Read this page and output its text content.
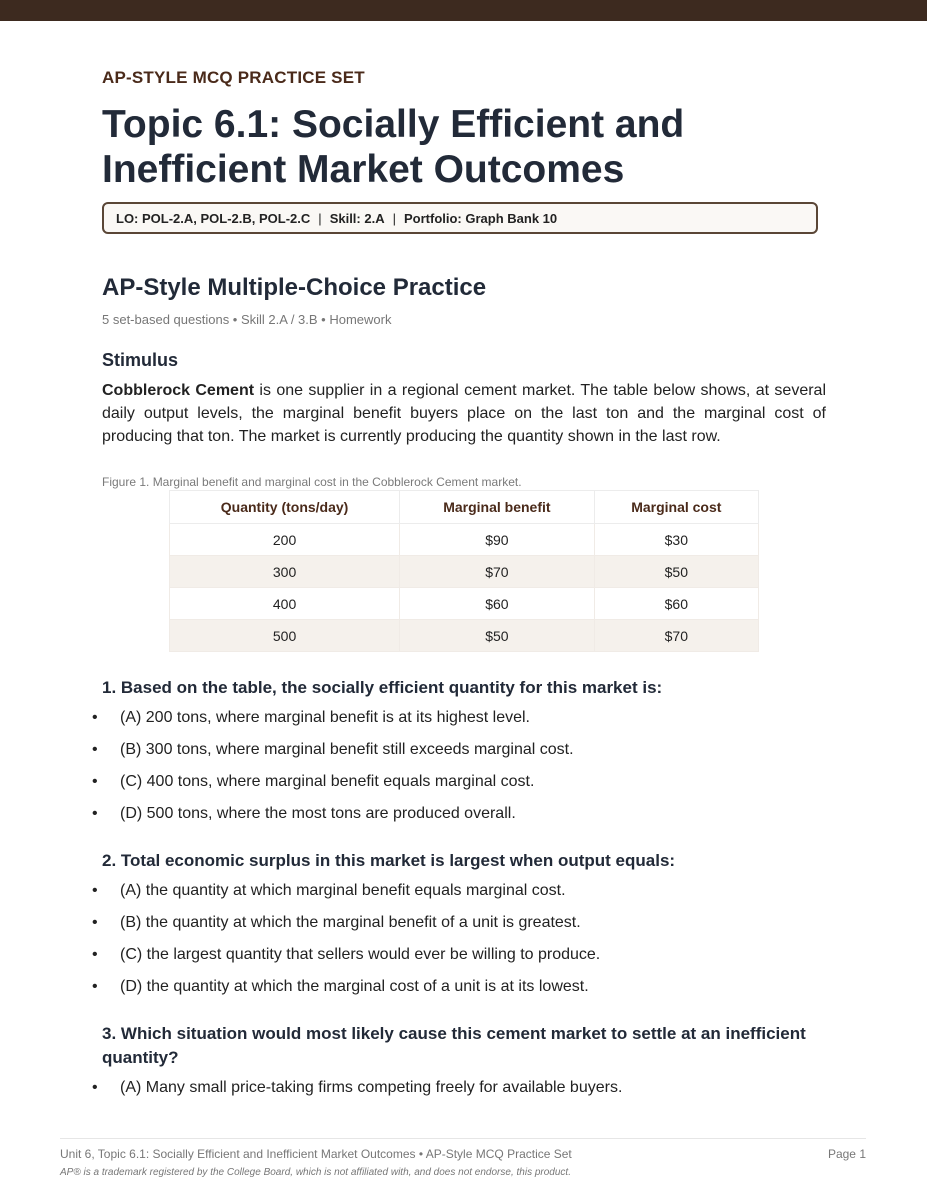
AP-STYLE MCQ PRACTICE SET
Topic 6.1: Socially Efficient and Inefficient Market Outcomes
LO: POL-2.A, POL-2.B, POL-2.C | Skill: 2.A | Portfolio: Graph Bank 10
AP-Style Multiple-Choice Practice
5 set-based questions • Skill 2.A / 3.B • Homework
Stimulus
Cobblerock Cement is one supplier in a regional cement market. The table below shows, at several daily output levels, the marginal benefit buyers place on the last ton and the marginal cost of producing that ton. The market is currently producing the quantity shown in the last row.
Figure 1. Marginal benefit and marginal cost in the Cobblerock Cement market.
Quantity (tons/day)	Marginal benefit	Marginal cost
200	$90	$30
300	$70	$50
400	$60	$60
500	$50	$70
1. Based on the table, the socially efficient quantity for this market is:
• (A) 200 tons, where marginal benefit is at its highest level.
• (B) 300 tons, where marginal benefit still exceeds marginal cost.
• (C) 400 tons, where marginal benefit equals marginal cost.
• (D) 500 tons, where the most tons are produced overall.
2. Total economic surplus in this market is largest when output equals:
• (A) the quantity at which marginal benefit equals marginal cost.
• (B) the quantity at which the marginal benefit of a unit is greatest.
• (C) the largest quantity that sellers would ever be willing to produce.
• (D) the quantity at which the marginal cost of a unit is at its lowest.
3. Which situation would most likely cause this cement market to settle at an inefficient quantity?
• (A) Many small price-taking firms competing freely for available buyers.
Unit 6, Topic 6.1: Socially Efficient and Inefficient Market Outcomes • AP-Style MCQ Practice Set	Page 1
AP® is a trademark registered by the College Board, which is not affiliated with, and does not endorse, this product.
